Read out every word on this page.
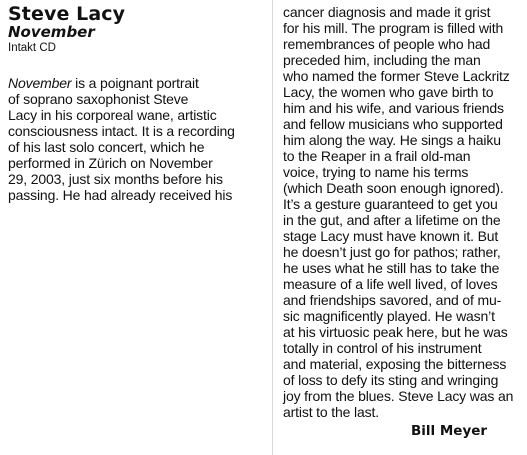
Steve Lacy
November
Intakt CD

November is a poignant portrait
of soprano saxophonist Steve
Lacy in his corporeal wane, artistic
consciousness intact. It is a recording
of his last solo concert, which he
performed in Zürich on November
29, 2003, just six months before his
passing. He had already received his

cancer diagnosis and made it grist
for his mill. The program is filled with
remembrances of people who had
preceded him, including the man
who named the former Steve Lackritz
Lacy, the women who gave birth to
him and his wife, and various friends
and fellow musicians who supported
him along the way. He sings a haiku
to the Reaper in a frail old-man
voice, trying to name his terms
(which Death soon enough ignored).
It’s a gesture guaranteed to get you
in the gut, and after a lifetime on the
stage Lacy must have known it. But
he doesn’t just go for pathos; rather,
he uses what he still has to take the
measure of a life well lived, of loves
and friendships savored, and of mu-
sic magnificently played. He wasn’t
at his virtuosic peak here, but he was
totally in control of his instrument
and material, exposing the bitterness
of loss to defy its sting and wringing
joy from the blues. Steve Lacy was an
artist to the last.

Bill Meyer
